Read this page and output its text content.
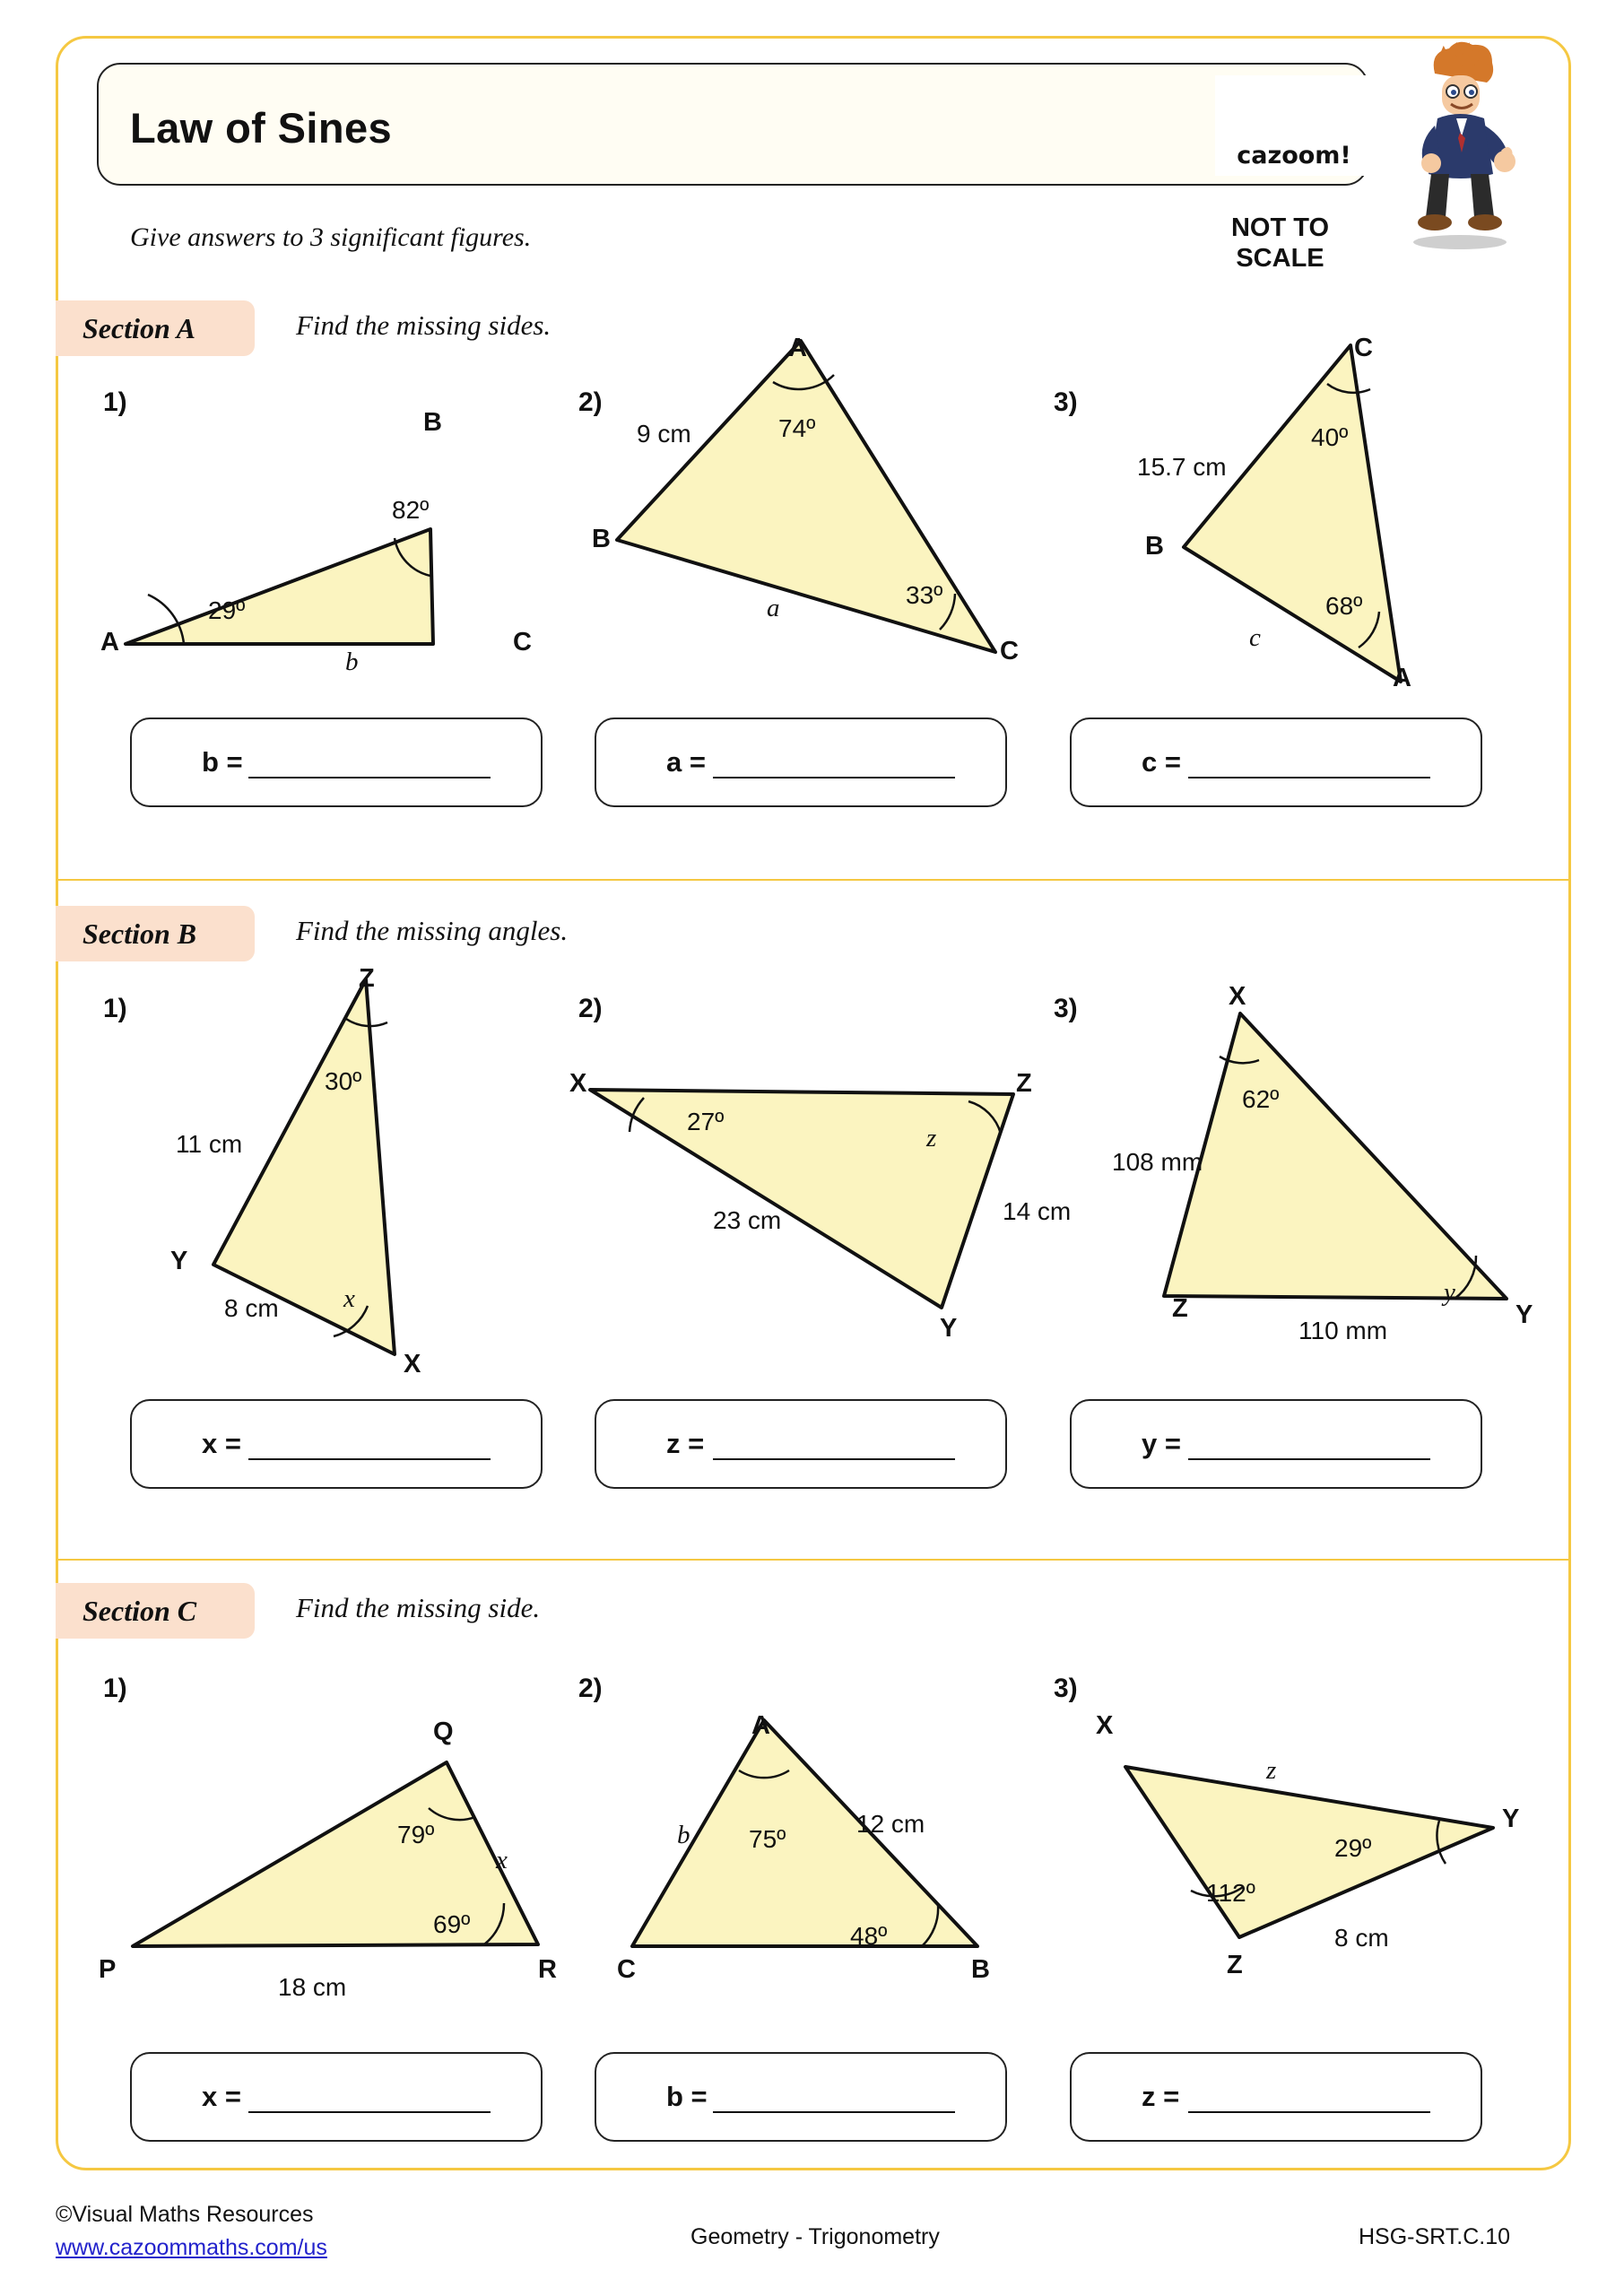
Law of Sines
cazoom!
Give answers to 3 significant figures.	NOT TO
SCALE
Section A	Find the missing sides.
1)
A	C
B
82º
29º
b
2)
A
B
C
9 cm	74º
33º
a
3)
C
B
A
15.7 cm
40º
68º
c
b =	a =	c =
Section B	Find the missing angles.
1)
Z
Y
X
11 cm
30º
8 cm x
2)
X	Z
Y
27º
z
23 cm	14 cm
3)	X
Z	Y
108 mm
62º
110 mm
y
x =	z =	y =
Section C	Find the missing side.
1)
P	R
Q
79º
69º
x
18 cm
2)
A
C	B
b 75º
12 cm
48º
3)
X
Y
Z
z
29º
112º
8 cm
x =	b =	z =
©Visual Maths Resources
www.cazoommaths.com/us	Geometry - Trigonometry	HSG-SRT.C.10
